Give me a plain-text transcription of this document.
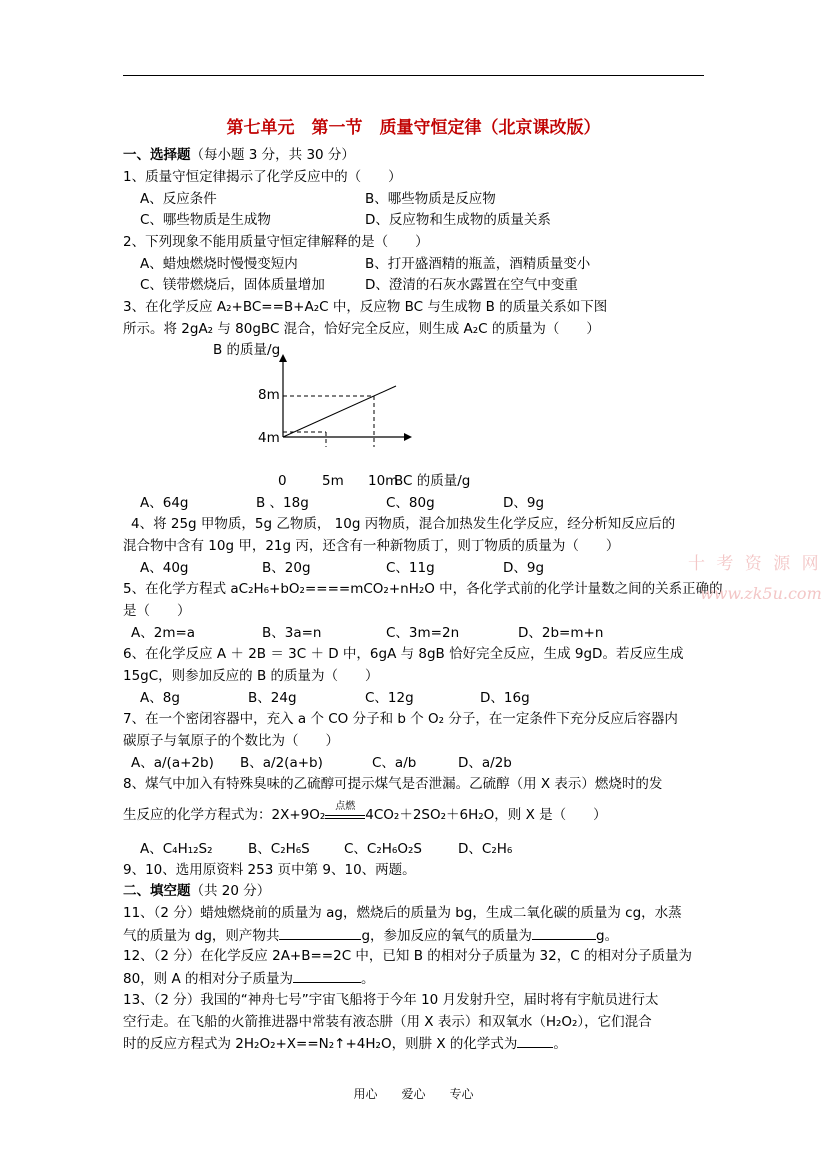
第七单元　第一节　质量守恒定律（北京课改版）
一、选择题（每小题 3 分，共 30 分）
1、质量守恒定律揭示了化学反应中的（　　）
A、反应条件	B、哪些物质是反应物
C、哪些物质是生成物	D、反应物和生成物的质量关系
2、下列现象不能用质量守恒定律解释的是（　　）
A、蜡烛燃烧时慢慢变短内	B、打开盛酒精的瓶盖，酒精质量变小
C、镁带燃烧后，固体质量增加	D、澄清的石灰水露置在空气中变重
3、在化学反应 A₂+BC==B+A₂C 中，反应物 BC 与生成物 B 的质量关系如下图
所示。将 2gA₂ 与 80gBC 混合，恰好完全反应，则生成 A₂C 的质量为（　　）
B 的质量/g
8m
4m
0	5m 10m
BC 的质量/g
A、64g	B 、18g	C、80g	D、9g
4、将 25g 甲物质，5g 乙物质， 10g 丙物质，混合加热发生化学反应，经分析知反应后的
混合物中含有 10g 甲，21g 丙，还含有一种新物质丁，则丁物质的质量为（　　）
A、40g	B、20g	C、11g	D、9g
5、在化学方程式 aC₂H₆+bO₂====mCO₂+nH₂O 中，各化学式前的化学计量数之间的关系正确的
是（　　）
A、2m=a	B、3a=n	C、3m=2n	D、2b=m+n
6、在化学反应 A ＋ 2B ＝ 3C ＋ D 中，6gA 与 8gB 恰好完全反应，生成 9gD。若反应生成
15gC，则参加反应的 B 的质量为（　　）
A、8g	B、24g	C、12g	D、16g
7、在一个密闭容器中，充入 a 个 CO 分子和 b 个 O₂ 分子，在一定条件下充分反应后容器内
碳原子与氧原子的个数比为（　　）
A、a/(a+2b) B、a/2(a+b)	C、a/b	D、a/2b
8、煤气中加入有特殊臭味的乙硫醇可提示煤气是否泄漏。乙硫醇（用 X 表示）燃烧时的发
生反应的化学方程式为：2X+9O₂
点燃
4CO₂＋2SO₂＋6H₂O，则 X 是（　　）
A、C₄H₁₂S₂	B、C₂H₆S	C、C₂H₆O₂S	D、C₂H₆
9、10、选用原资料 253 页中第 9、10、两题。
二、填空题（共 20 分）
11、（2 分）蜡烛燃烧前的质量为 ag，燃烧后的质量为 bg，生成二氧化碳的质量为 cg，水蒸
气的质量为 dg，则产物共	g，参加反应的氧气的质量为	g。
12、（2 分）在化学反应 2A+B==2C 中，已知 B 的相对分子质量为 32，C 的相对分子质量为
80，则 A 的相对分子质量为	。
13、（2 分）我国的“神舟七号”宇宙飞船将于今年 10 月发射升空，届时将有宇航员进行太
空行走。在飞船的火箭推进器中常装有液态肼（用 X 表示）和双氧水（H₂O₂），它们混合
时的反应方程式为 2H₂O₂+X==N₂↑+4H₂O，则肼 X 的化学式为	。
十 考 资 源 网
www.zk5u.com
用心　　爱心　　专心
